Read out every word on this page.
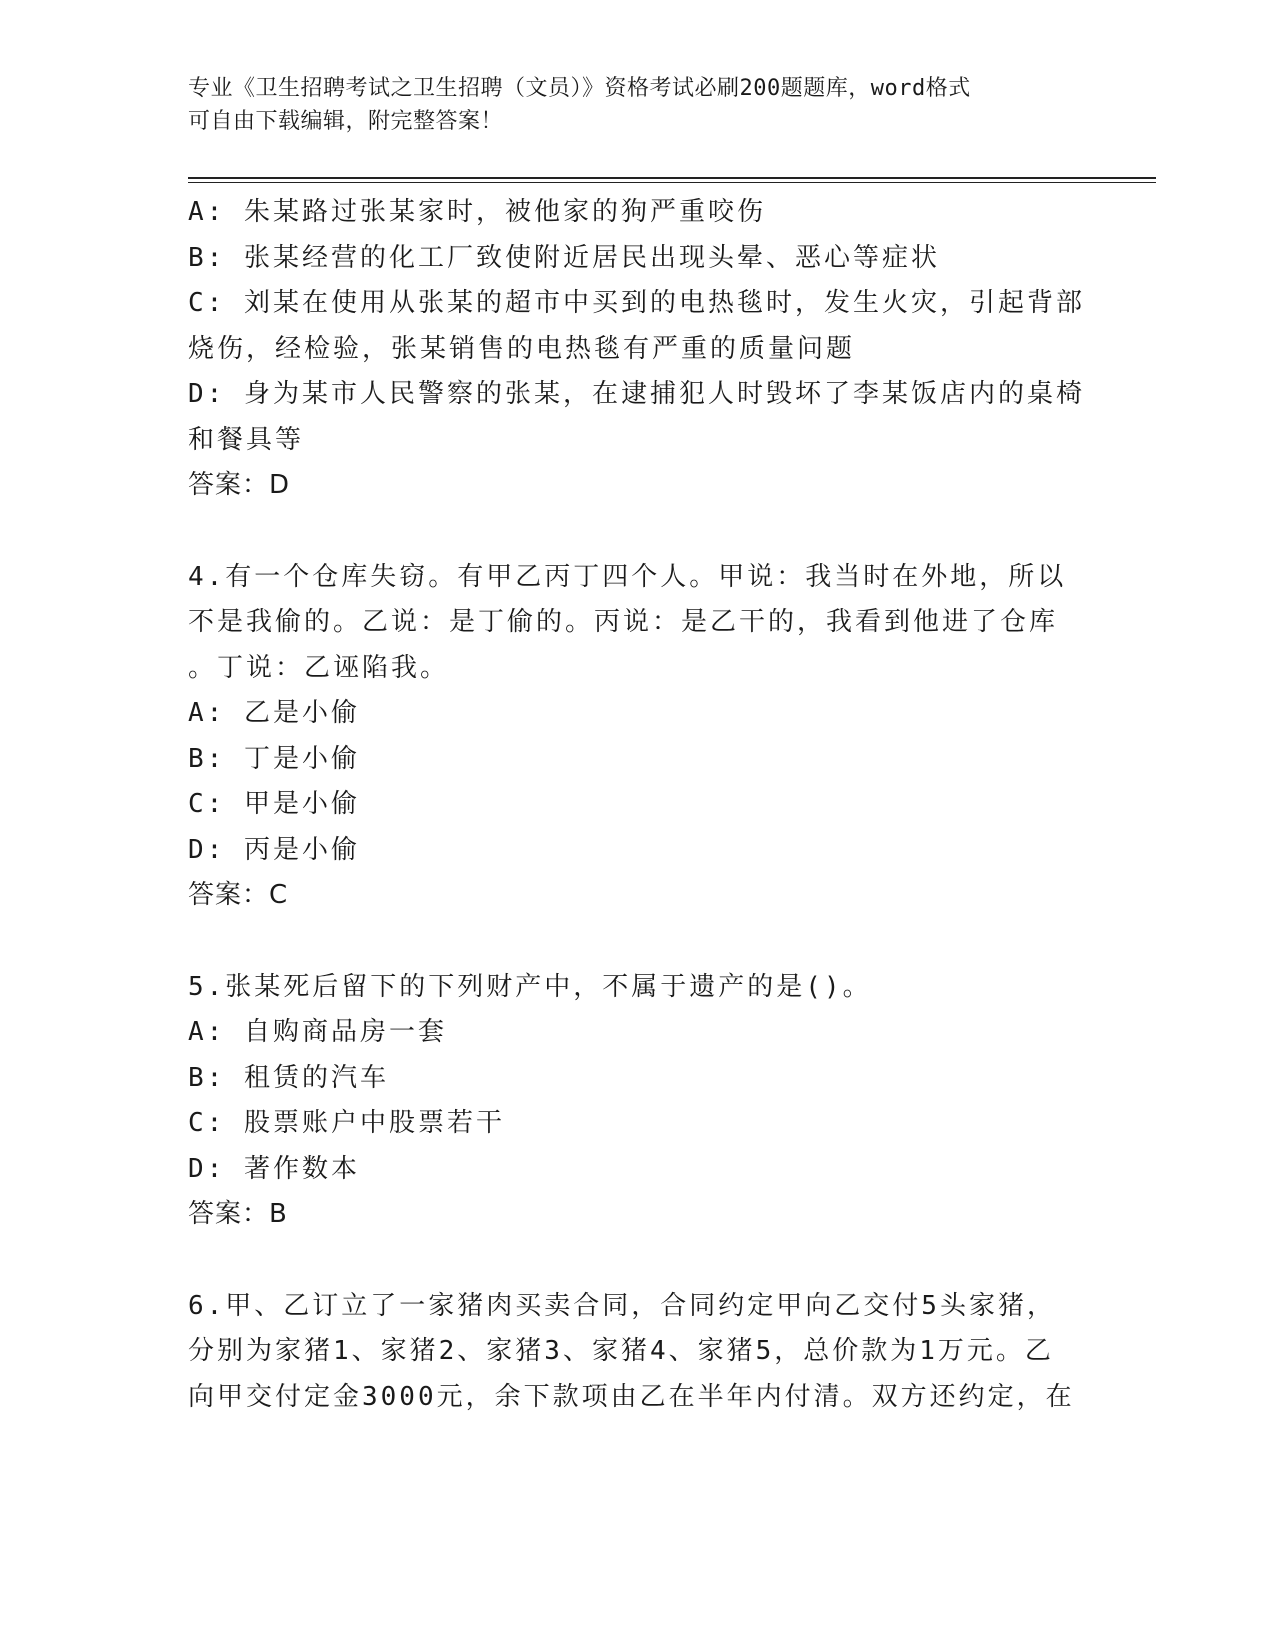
专业《卫生招聘考试之卫生招聘（文员）》资格考试必刷200题题库，word格式
可自由下载编辑，附完整答案！
A: 朱某路过张某家时，被他家的狗严重咬伤
B: 张某经营的化工厂致使附近居民出现头晕、恶心等症状
C: 刘某在使用从张某的超市中买到的电热毯时，发生火灾，引起背部
烧伤，经检验，张某销售的电热毯有严重的质量问题
D: 身为某市人民警察的张某，在逮捕犯人时毁坏了李某饭店内的桌椅
和餐具等
答案：D
4.有一个仓库失窃。有甲乙丙丁四个人。甲说：我当时在外地，所以
不是我偷的。乙说：是丁偷的。丙说：是乙干的，我看到他进了仓库
。丁说：乙诬陷我。
A: 乙是小偷
B: 丁是小偷
C: 甲是小偷
D: 丙是小偷
答案：C
5.张某死后留下的下列财产中，不属于遗产的是()。
A: 自购商品房一套
B: 租赁的汽车
C: 股票账户中股票若干
D: 著作数本
答案：B
6.甲、乙订立了一家猪肉买卖合同，合同约定甲向乙交付5头家猪，
分别为家猪1、家猪2、家猪3、家猪4、家猪5，总价款为1万元。乙
向甲交付定金3000元，余下款项由乙在半年内付清。双方还约定，在
